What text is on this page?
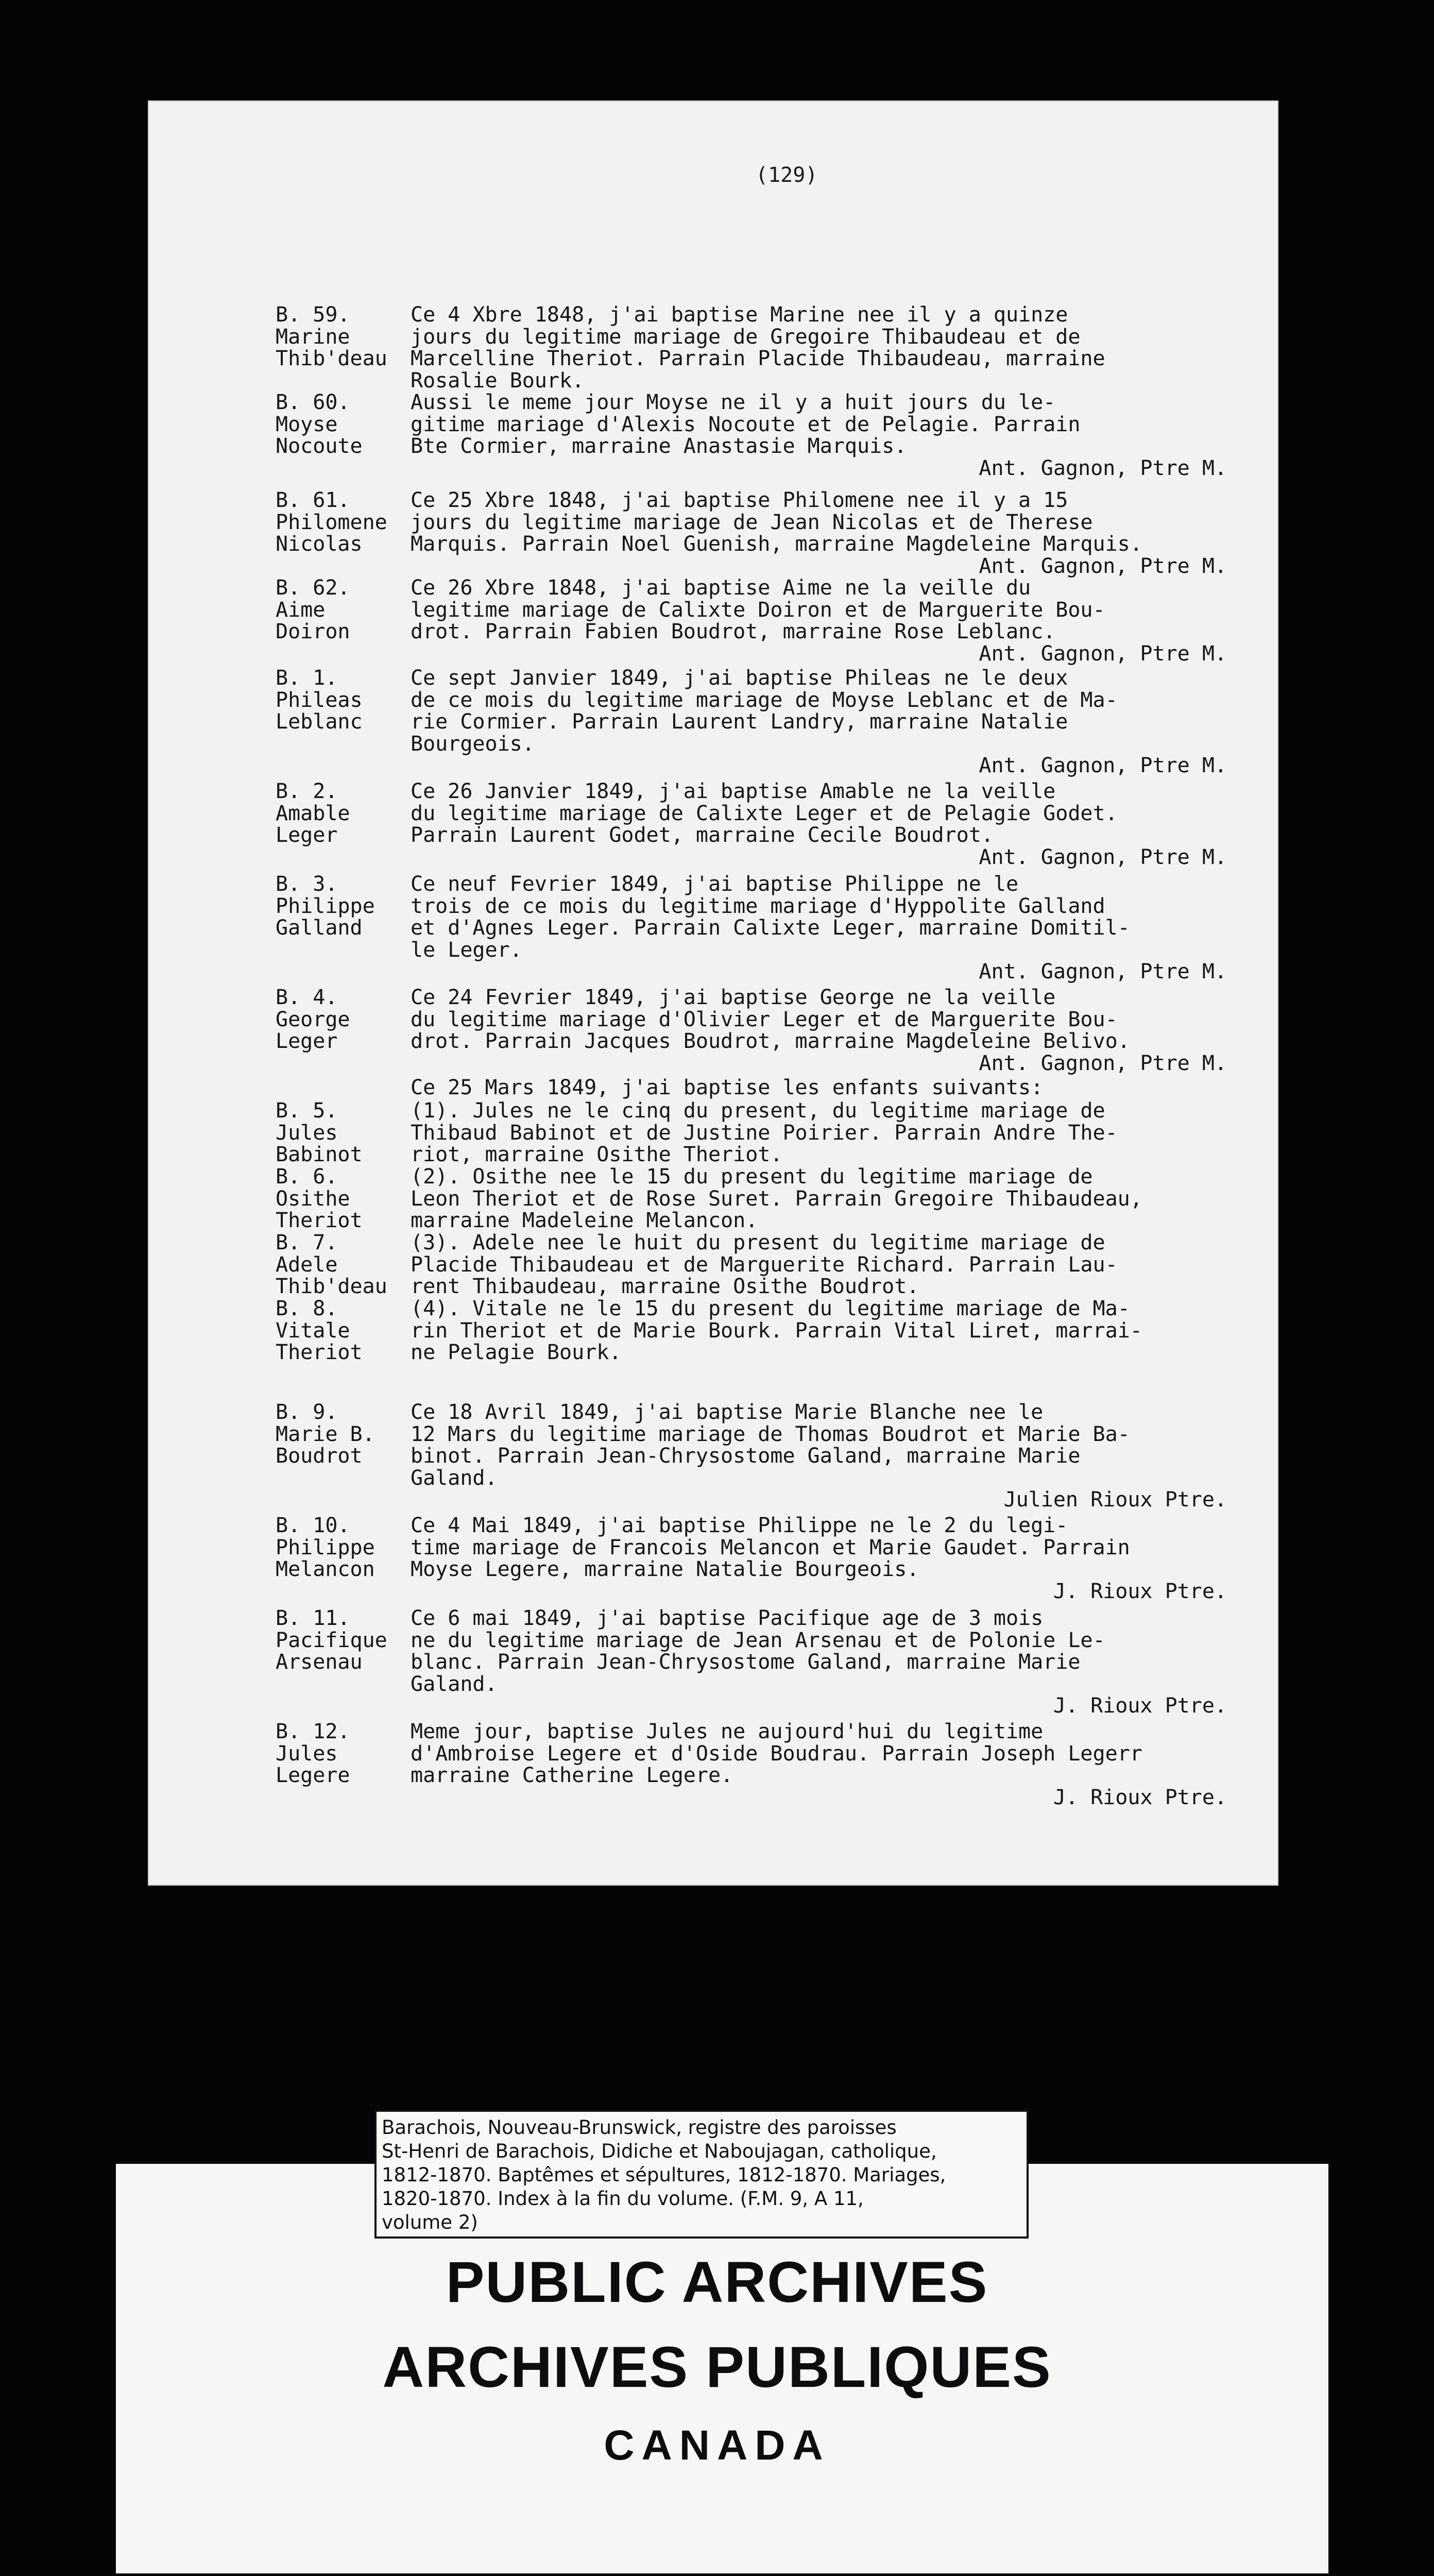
(129)
B. 59.
Marine
Thib'deau
Ce 4 Xbre 1848, j'ai baptise Marine nee il y a quinze
jours du legitime mariage de Gregoire Thibaudeau et de
Marcelline Theriot. Parrain Placide Thibaudeau, marraine
Rosalie Bourk.
B. 60.
Moyse
Nocoute
Aussi le meme jour Moyse ne il y a huit jours du le-
gitime mariage d'Alexis Nocoute et de Pelagie. Parrain
Bte Cormier, marraine Anastasie Marquis.
Ant. Gagnon, Ptre M.
B. 61.
Philomene
Nicolas
Ce 25 Xbre 1848, j'ai baptise Philomene nee il y a 15
jours du legitime mariage de Jean Nicolas et de Therese
Marquis. Parrain Noel Guenish, marraine Magdeleine Marquis.
Ant. Gagnon, Ptre M.
B. 62.
Aime
Doiron
Ce 26 Xbre 1848, j'ai baptise Aime ne la veille du
legitime mariage de Calixte Doiron et de Marguerite Bou-
drot. Parrain Fabien Boudrot, marraine Rose Leblanc.
Ant. Gagnon, Ptre M.
B. 1.
Phileas
Leblanc
Ce sept Janvier 1849, j'ai baptise Phileas ne le deux
de ce mois du legitime mariage de Moyse Leblanc et de Ma-
rie Cormier. Parrain Laurent Landry, marraine Natalie
Bourgeois.
Ant. Gagnon, Ptre M.
B. 2.
Amable
Leger
Ce 26 Janvier 1849, j'ai baptise Amable ne la veille
du legitime mariage de Calixte Leger et de Pelagie Godet.
Parrain Laurent Godet, marraine Cecile Boudrot.
Ant. Gagnon, Ptre M.
B. 3.
Philippe
Galland
Ce neuf Fevrier 1849, j'ai baptise Philippe ne le
trois de ce mois du legitime mariage d'Hyppolite Galland
et d'Agnes Leger. Parrain Calixte Leger, marraine Domitil-
le Leger.
Ant. Gagnon, Ptre M.
B. 4.
George
Leger
Ce 24 Fevrier 1849, j'ai baptise George ne la veille
du legitime mariage d'Olivier Leger et de Marguerite Bou-
drot. Parrain Jacques Boudrot, marraine Magdeleine Belivo.
Ant. Gagnon, Ptre M.
Ce 25 Mars 1849, j'ai baptise les enfants suivants:
B. 5.
Jules
Babinot
(1). Jules ne le cinq du present, du legitime mariage de
Thibaud Babinot et de Justine Poirier. Parrain Andre The-
riot, marraine Osithe Theriot.
B. 6.
Osithe
Theriot
(2). Osithe nee le 15 du present du legitime mariage de
Leon Theriot et de Rose Suret. Parrain Gregoire Thibaudeau,
marraine Madeleine Melancon.
B. 7.
Adele
Thib'deau
(3). Adele nee le huit du present du legitime mariage de
Placide Thibaudeau et de Marguerite Richard. Parrain Lau-
rent Thibaudeau, marraine Osithe Boudrot.
B. 8.
Vitale
Theriot
(4). Vitale ne le 15 du present du legitime mariage de Ma-
rin Theriot et de Marie Bourk. Parrain Vital Liret, marrai-
ne Pelagie Bourk.
B. 9.
Marie B.
Boudrot
Ce 18 Avril 1849, j'ai baptise Marie Blanche nee le
12 Mars du legitime mariage de Thomas Boudrot et Marie Ba-
binot. Parrain Jean-Chrysostome Galand, marraine Marie
Galand.
Julien Rioux Ptre.
B. 10.
Philippe
Melancon
Ce 4 Mai 1849, j'ai baptise Philippe ne le 2 du legi-
time mariage de Francois Melancon et Marie Gaudet. Parrain
Moyse Legere, marraine Natalie Bourgeois.
J. Rioux Ptre.
B. 11.
Pacifique
Arsenau
Ce 6 mai 1849, j'ai baptise Pacifique age de 3 mois
ne du legitime mariage de Jean Arsenau et de Polonie Le-
blanc. Parrain Jean-Chrysostome Galand, marraine Marie
Galand.
J. Rioux Ptre.
B. 12.
Jules
Legere
Meme jour, baptise Jules ne aujourd'hui du legitime
d'Ambroise Legere et d'Oside Boudrau. Parrain Joseph Legerr
marraine Catherine Legere.
J. Rioux Ptre.
Barachois, Nouveau-Brunswick, registre des paroisses
St-Henri de Barachois, Didiche et Naboujagan, catholique,
1812-1870. Baptêmes et sépultures, 1812-1870. Mariages,
1820-1870. Index à la fin du volume. (F.M. 9, A 11,
volume 2)
PUBLIC ARCHIVES
ARCHIVES PUBLIQUES
CANADA
